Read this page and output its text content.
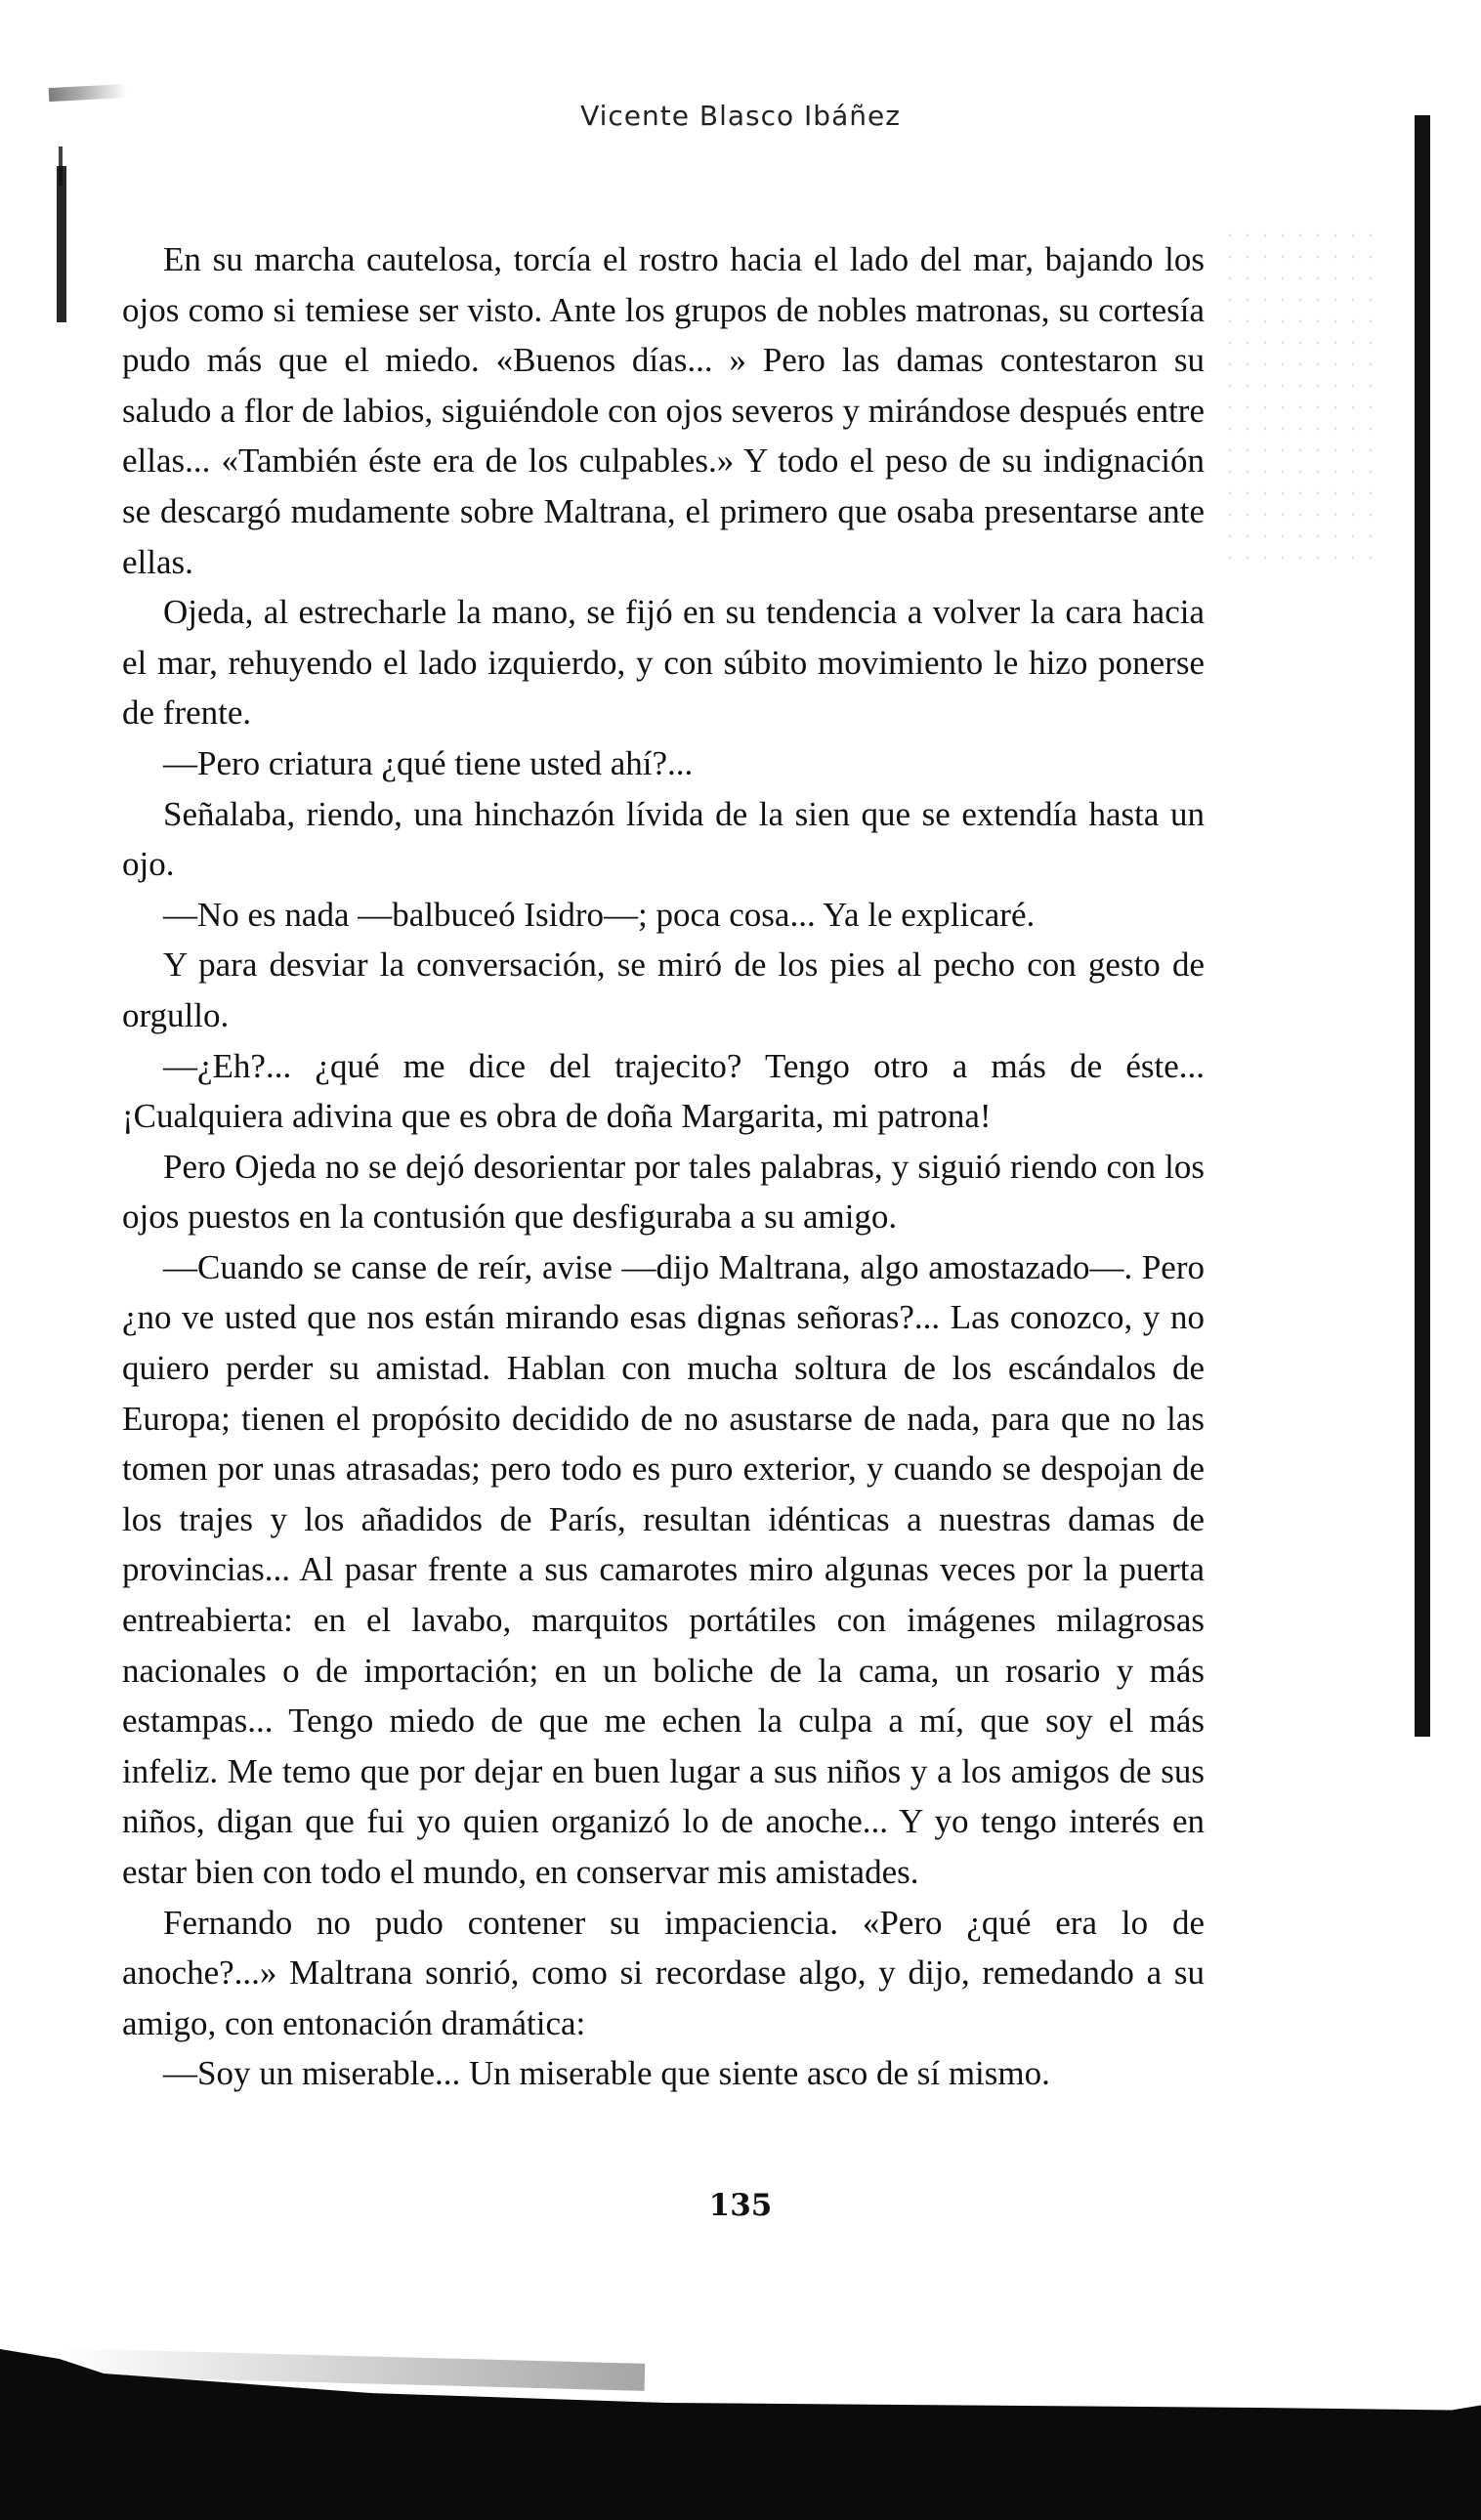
Vicente Blasco Ibáñez

En su marcha cautelosa, torcía el rostro hacia el lado del mar, bajando los ojos como si temiese ser visto. Ante los grupos de nobles matronas, su cortesía pudo más que el miedo. «Buenos días... » Pero las damas contestaron su saludo a flor de labios, siguiéndole con ojos severos y mirándose después entre ellas... «También éste era de los culpables.» Y todo el peso de su indignación se descargó mudamente sobre Maltrana, el primero que osaba presentarse ante ellas.

Ojeda, al estrecharle la mano, se fijó en su tendencia a volver la cara hacia el mar, rehuyendo el lado izquierdo, y con súbito movimiento le hizo ponerse de frente.

—Pero criatura ¿qué tiene usted ahí?...

Señalaba, riendo, una hinchazón lívida de la sien que se extendía hasta un ojo.

—No es nada —balbuceó Isidro—; poca cosa... Ya le explicaré.

Y para desviar la conversación, se miró de los pies al pecho con gesto de orgullo.

—¿Eh?... ¿qué me dice del trajecito? Tengo otro a más de éste... ¡Cualquiera adivina que es obra de doña Margarita, mi patrona!

Pero Ojeda no se dejó desorientar por tales palabras, y siguió riendo con los ojos puestos en la contusión que desfiguraba a su amigo.

—Cuando se canse de reír, avise —dijo Maltrana, algo amostazado—. Pero ¿no ve usted que nos están mirando esas dignas señoras?... Las conozco, y no quiero perder su amistad. Hablan con mucha soltura de los escándalos de Europa; tienen el propósito decidido de no asustarse de nada, para que no las tomen por unas atrasadas; pero todo es puro exterior, y cuando se despojan de los trajes y los añadidos de París, resultan idénticas a nuestras damas de provincias... Al pasar frente a sus camarotes miro algunas veces por la puerta entreabierta: en el lavabo, marquitos portátiles con imágenes milagrosas nacionales o de importación; en un boliche de la cama, un rosario y más estampas... Tengo miedo de que me echen la culpa a mí, que soy el más infeliz. Me temo que por dejar en buen lugar a sus niños y a los amigos de sus niños, digan que fui yo quien organizó lo de anoche... Y yo tengo interés en estar bien con todo el mundo, en conservar mis amistades.

Fernando no pudo contener su impaciencia. «Pero ¿qué era lo de anoche?...» Maltrana sonrió, como si recordase algo, y dijo, remedando a su amigo, con entonación dramática:

—Soy un miserable... Un miserable que siente asco de sí mismo.

135
